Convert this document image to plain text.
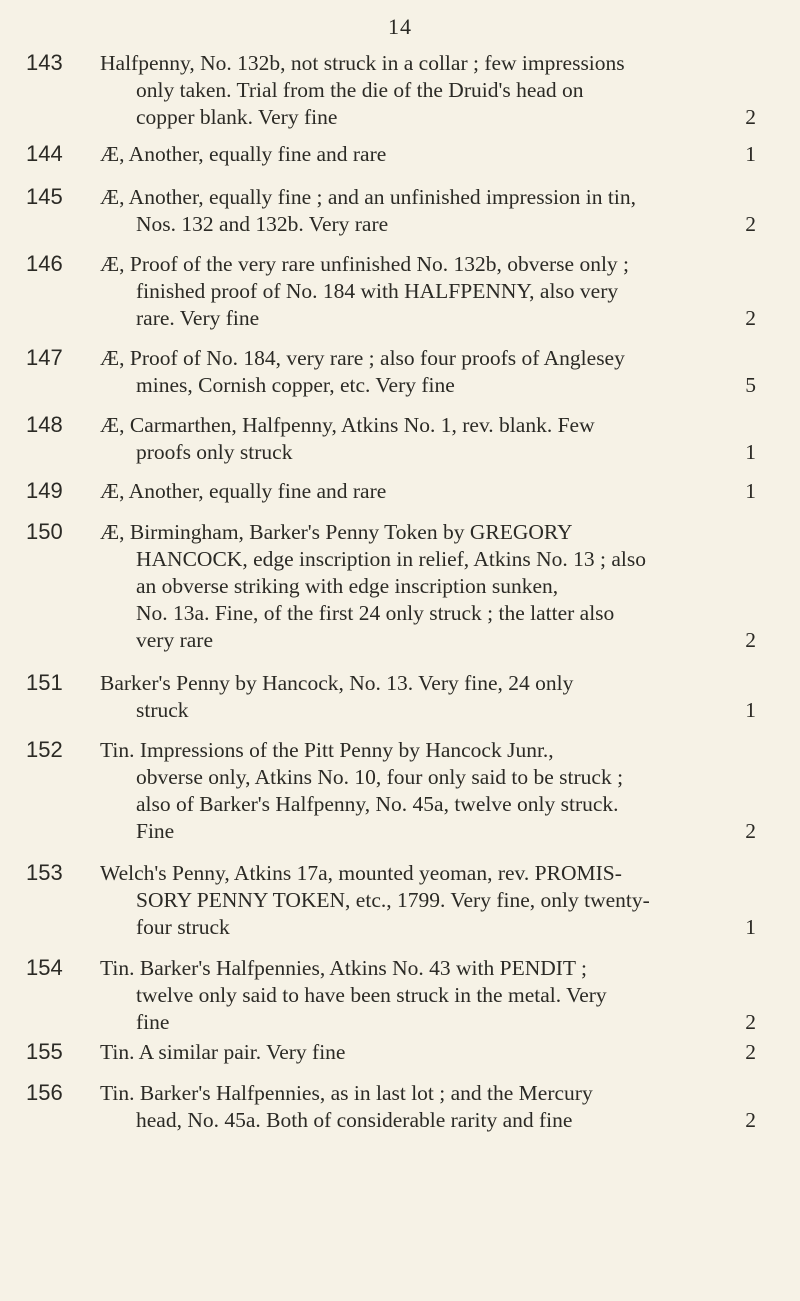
14
143	Halfpenny, No. 132b, not struck in a collar ; few impressions
only taken. Trial from the die of the Druid's head on
copper blank. Very fine	2
144	Æ, Another, equally fine and rare	1
145	Æ, Another, equally fine ; and an unfinished impression in tin,
Nos. 132 and 132b. Very rare	2
146	Æ, Proof of the very rare unfinished No. 132b, obverse only ;
finished proof of No. 184 with HALFPENNY, also very
rare. Very fine	2
147	Æ, Proof of No. 184, very rare ; also four proofs of Anglesey
mines, Cornish copper, etc. Very fine	5
148	Æ, Carmarthen, Halfpenny, Atkins No. 1, rev. blank. Few
proofs only struck	1
149	Æ, Another, equally fine and rare	1
150	Æ, Birmingham, Barker's Penny Token by GREGORY
HANCOCK, edge inscription in relief, Atkins No. 13 ; also
an obverse striking with edge inscription sunken,
No. 13a. Fine, of the first 24 only struck ; the latter also
very rare	2
151	Barker's Penny by Hancock, No. 13. Very fine, 24 only
struck	1
152	Tin. Impressions of the Pitt Penny by Hancock Junr.,
obverse only, Atkins No. 10, four only said to be struck ;
also of Barker's Halfpenny, No. 45a, twelve only struck.
Fine	2
153	Welch's Penny, Atkins 17a, mounted yeoman, rev. PROMIS-
SORY PENNY TOKEN, etc., 1799. Very fine, only twenty-
four struck	1
154	Tin. Barker's Halfpennies, Atkins No. 43 with PENDIT ;
twelve only said to have been struck in the metal. Very
fine	2
155	Tin. A similar pair. Very fine	2
156	Tin. Barker's Halfpennies, as in last lot ; and the Mercury
head, No. 45a. Both of considerable rarity and fine	2
